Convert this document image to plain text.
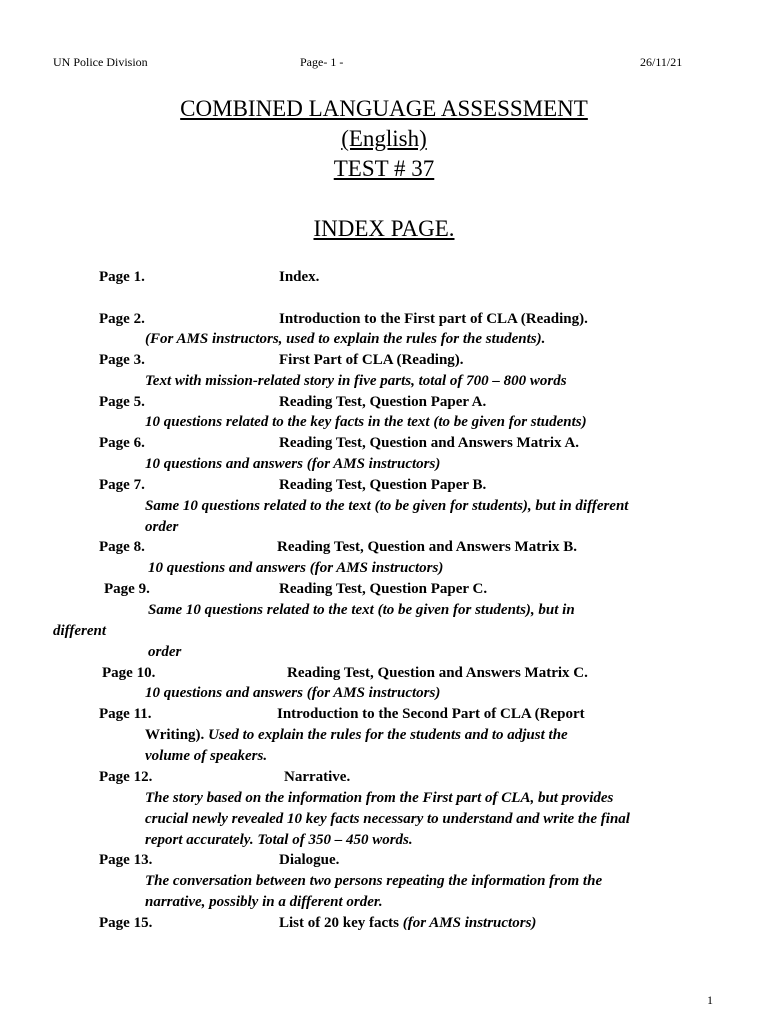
UN Police Division	Page- 1 -	26/11/21
COMBINED LANGUAGE ASSESSMENT
(English)
TEST # 37
INDEX PAGE.
Page 1.	Index.
Page 2.	Introduction to the First part of CLA (Reading).
(For AMS instructors, used to explain the rules for the students).
Page 3.	First Part of CLA (Reading).
Text with mission-related story in five parts, total of 700 – 800 words
Page 5.	Reading Test, Question Paper A.
10 questions related to the key facts in the text (to be given for students)
Page 6.	Reading Test, Question and Answers Matrix A.
10 questions and answers (for AMS instructors)
Page 7.	Reading Test, Question Paper B.
Same 10 questions related to the text (to be given for students), but in different
order
Page 8.	Reading Test, Question and Answers Matrix B.
10 questions and answers (for AMS instructors)
Page 9.	Reading Test, Question Paper C.
Same 10 questions related to the text (to be given for students), but in
different
order
Page 10.	Reading Test, Question and Answers Matrix C.
10 questions and answers (for AMS instructors)
Page 11.	Introduction to the Second Part of CLA (Report
Writing). Used to explain the rules for the students and to adjust the
volume of speakers.
Page 12.	Narrative.
The story based on the information from the First part of CLA, but provides
crucial newly revealed 10 key facts necessary to understand and write the final
report accurately. Total of 350 – 450 words.
Page 13.	Dialogue.
The conversation between two persons repeating the information from the
narrative, possibly in a different order.
Page 15.	List of 20 key facts (for AMS instructors)
1
